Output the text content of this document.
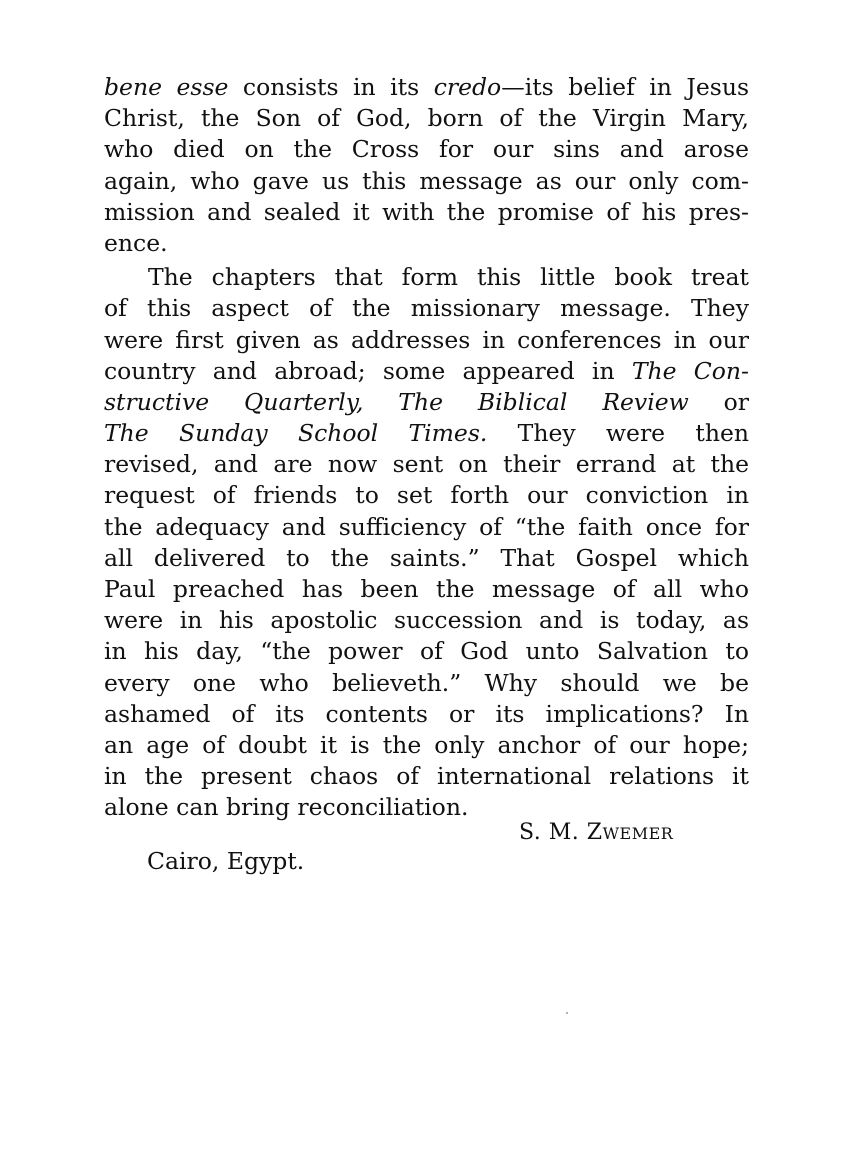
bene esse consists in its credo—its belief in Jesus
Christ, the Son of God, born of the Virgin Mary,
who died on the Cross for our sins and arose
again, who gave us this message as our only com-
mission and sealed it with the promise of his pres-
ence.
The chapters that form this little book treat
of this aspect of the missionary message. They
were first given as addresses in conferences in our
country and abroad; some appeared in The Con-
structive Quarterly, The Biblical Review or
The Sunday School Times. They were then
revised, and are now sent on their errand at the
request of friends to set forth our conviction in
the adequacy and sufficiency of “the faith once for
all delivered to the saints.” That Gospel which
Paul preached has been the message of all who
were in his apostolic succession and is today, as
in his day, “the power of God unto Salvation to
every one who believeth.” Why should we be
ashamed of its contents or its implications? In
an age of doubt it is the only anchor of our hope;
in the present chaos of international relations it
alone can bring reconciliation.
S. M. ZWEMER
Cairo, Egypt.
